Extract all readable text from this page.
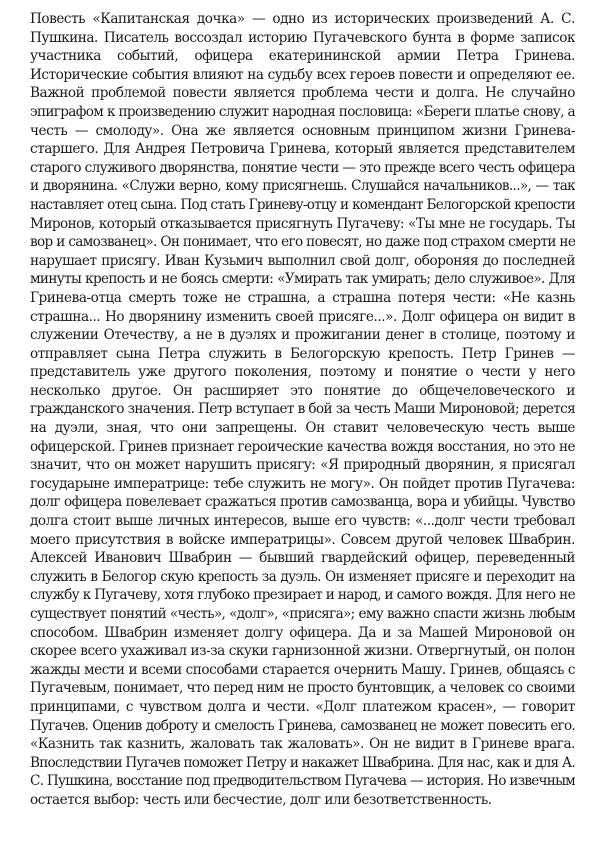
Повесть «Капитанская дочка» — одно из исторических произведений А. С.
Пушкина. Писатель воссоздал историю Пугачевского бунта в форме записок
участника событий, офицера екатерининской армии Петра Гринева.
Исторические события влияют на судьбу всех героев повести и определяют ее.
Важной проблемой повести является проблема чести и долга. Не случайно
эпиграфом к произведению служит народная пословица: «Береги платье снову, а
честь — смолоду». Она же является основным принципом жизни Гринева-
старшего. Для Андрея Петровича Гринева, который является представителем
старого служивого дворянства, понятие чести — это прежде всего честь офицера
и дворянина. «Служи верно, кому присягнешь. Слушайся начальников...», — так
наставляет отец сына. Под стать Гриневу-отцу и комендант Белогорской крепости
Миронов, который отказывается присягнуть Пугачеву: «Ты мне не государь. Ты
вор и самозванец». Он понимает, что его повесят, но даже под страхом смерти не
нарушает присягу. Иван Кузьмич выполнил свой долг, обороняя до последней
минуты крепость и не боясь смерти: «Умирать так умирать; дело служивое». Для
Гринева-отца смерть тоже не страшна, а страшна потеря чести: «Не казнь
страшна... Но дворянину изменить своей присяге...». Долг офицера он видит в
служении Отечеству, а не в дуэлях и прожигании денег в столице, поэтому и
отправляет сына Петра служить в Белогорскую крепость. Петр Гринев —
представитель уже другого поколения, поэтому и понятие о чести у него
несколько другое. Он расширяет это понятие до общечеловеческого и
гражданского значения. Петр вступает в бой за честь Маши Мироновой; дерется
на дуэли, зная, что они запрещены. Он ставит человеческую честь выше
офицерской. Гринев признает героические качества вождя восстания, но это не
значит, что он может нарушить присягу: «Я природный дворянин, я присягал
государыне императрице: тебе служить не могу». Он пойдет против Пугачева:
долг офицера повелевает сражаться против самозванца, вора и убийцы. Чувство
долга стоит выше личных интересов, выше его чувств: «...долг чести требовал
моего присутствия в войске императрицы». Совсем другой человек Швабрин.
Алексей Иванович Швабрин — бывший гвардейский офицер, переведенный
служить в Белогор скую крепость за дуэль. Он изменяет присяге и переходит на
службу к Пугачеву, хотя глубоко презирает и народ, и самого вождя. Для него не
существует понятий «честь», «долг», «присяга»; ему важно спасти жизнь любым
способом. Швабрин изменяет долгу офицера. Да и за Машей Мироновой он
скорее всего ухаживал из-за скуки гарнизонной жизни. Отвергнутый, он полон
жажды мести и всеми способами старается очернить Машу. Гринев, общаясь с
Пугачевым, понимает, что перед ним не просто бунтовщик, а человек со своими
принципами, с чувством долга и чести. «Долг платежом красен», — говорит
Пугачев. Оценив доброту и смелость Гринева, самозванец не может повесить его.
«Казнить так казнить, жаловать так жаловать». Он не видит в Гриневе врага.
Впоследствии Пугачев поможет Петру и накажет Швабрина. Для нас, как и для А.
С. Пушкина, восстание под предводительством Пугачева — история. Но извечным
остается выбор: честь или бесчестие, долг или безответственность.
